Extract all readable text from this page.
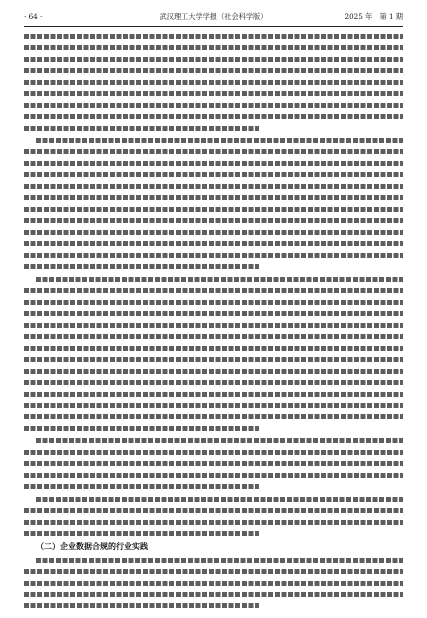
· 64 ·	武汉理工大学学报（社会科学版）	2025 年　第 1 期
（二）企业数据合规的行业实践
